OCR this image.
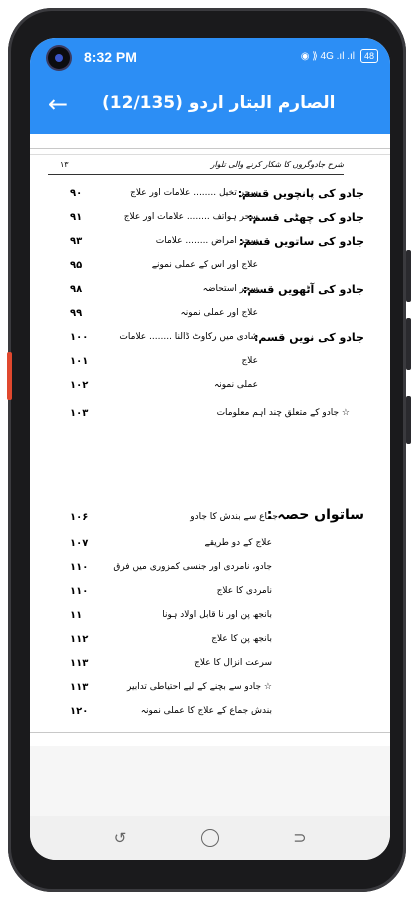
8:32 PM	◉ ⟫ 4G .ıl .ıl	48
← الصارم البتار اردو (12/135)
۱۳	شرح جادوگروں کا شکار کرنے والی تلوار
۹۰	جادو کی پانچویں قسم:
سحر تخیل ........ علامات اور علاج
۹۱	جادو کی چھٹی قسم:
سحر ہواتف ........ علامات اور علاج
۹۳	جادو کی ساتویں قسم:
سحر امراض ........ علامات
۹۵	علاج اور اس کے عملی نمونے
۹۸	جادو کی آٹھویں قسم:
سحر استحاضہ
۹۹	علاج اور عملی نمونہ
۱۰۰	جادو کی نویں قسم:
شادی میں رکاوٹ ڈالنا ........ علامات
۱۰۱	علاج
۱۰۲	عملی نمونہ
۱۰۳	☆ جادو کے متعلق چند اہم معلومات
۱۰۶	ساتواں حصہ :
جماع سے بندش کا جادو
۱۰۷	علاج کے دو طریقے
۱۱۰	جادو، نامردی اور جنسی کمزوری میں فرق
۱۱۰	نامردی کا علاج
۱۱	بانجھ پن اور نا قابل اولاد ہونا
۱۱۲	بانجھ پن کا علاج
۱۱۳	سرعت انزال کا علاج
۱۱۳	☆ جادو سے بچنے کے لیے احتیاطی تدابیر
۱۲۰	بندش جماع کے علاج کا عملی نمونہ
↺	⊃
